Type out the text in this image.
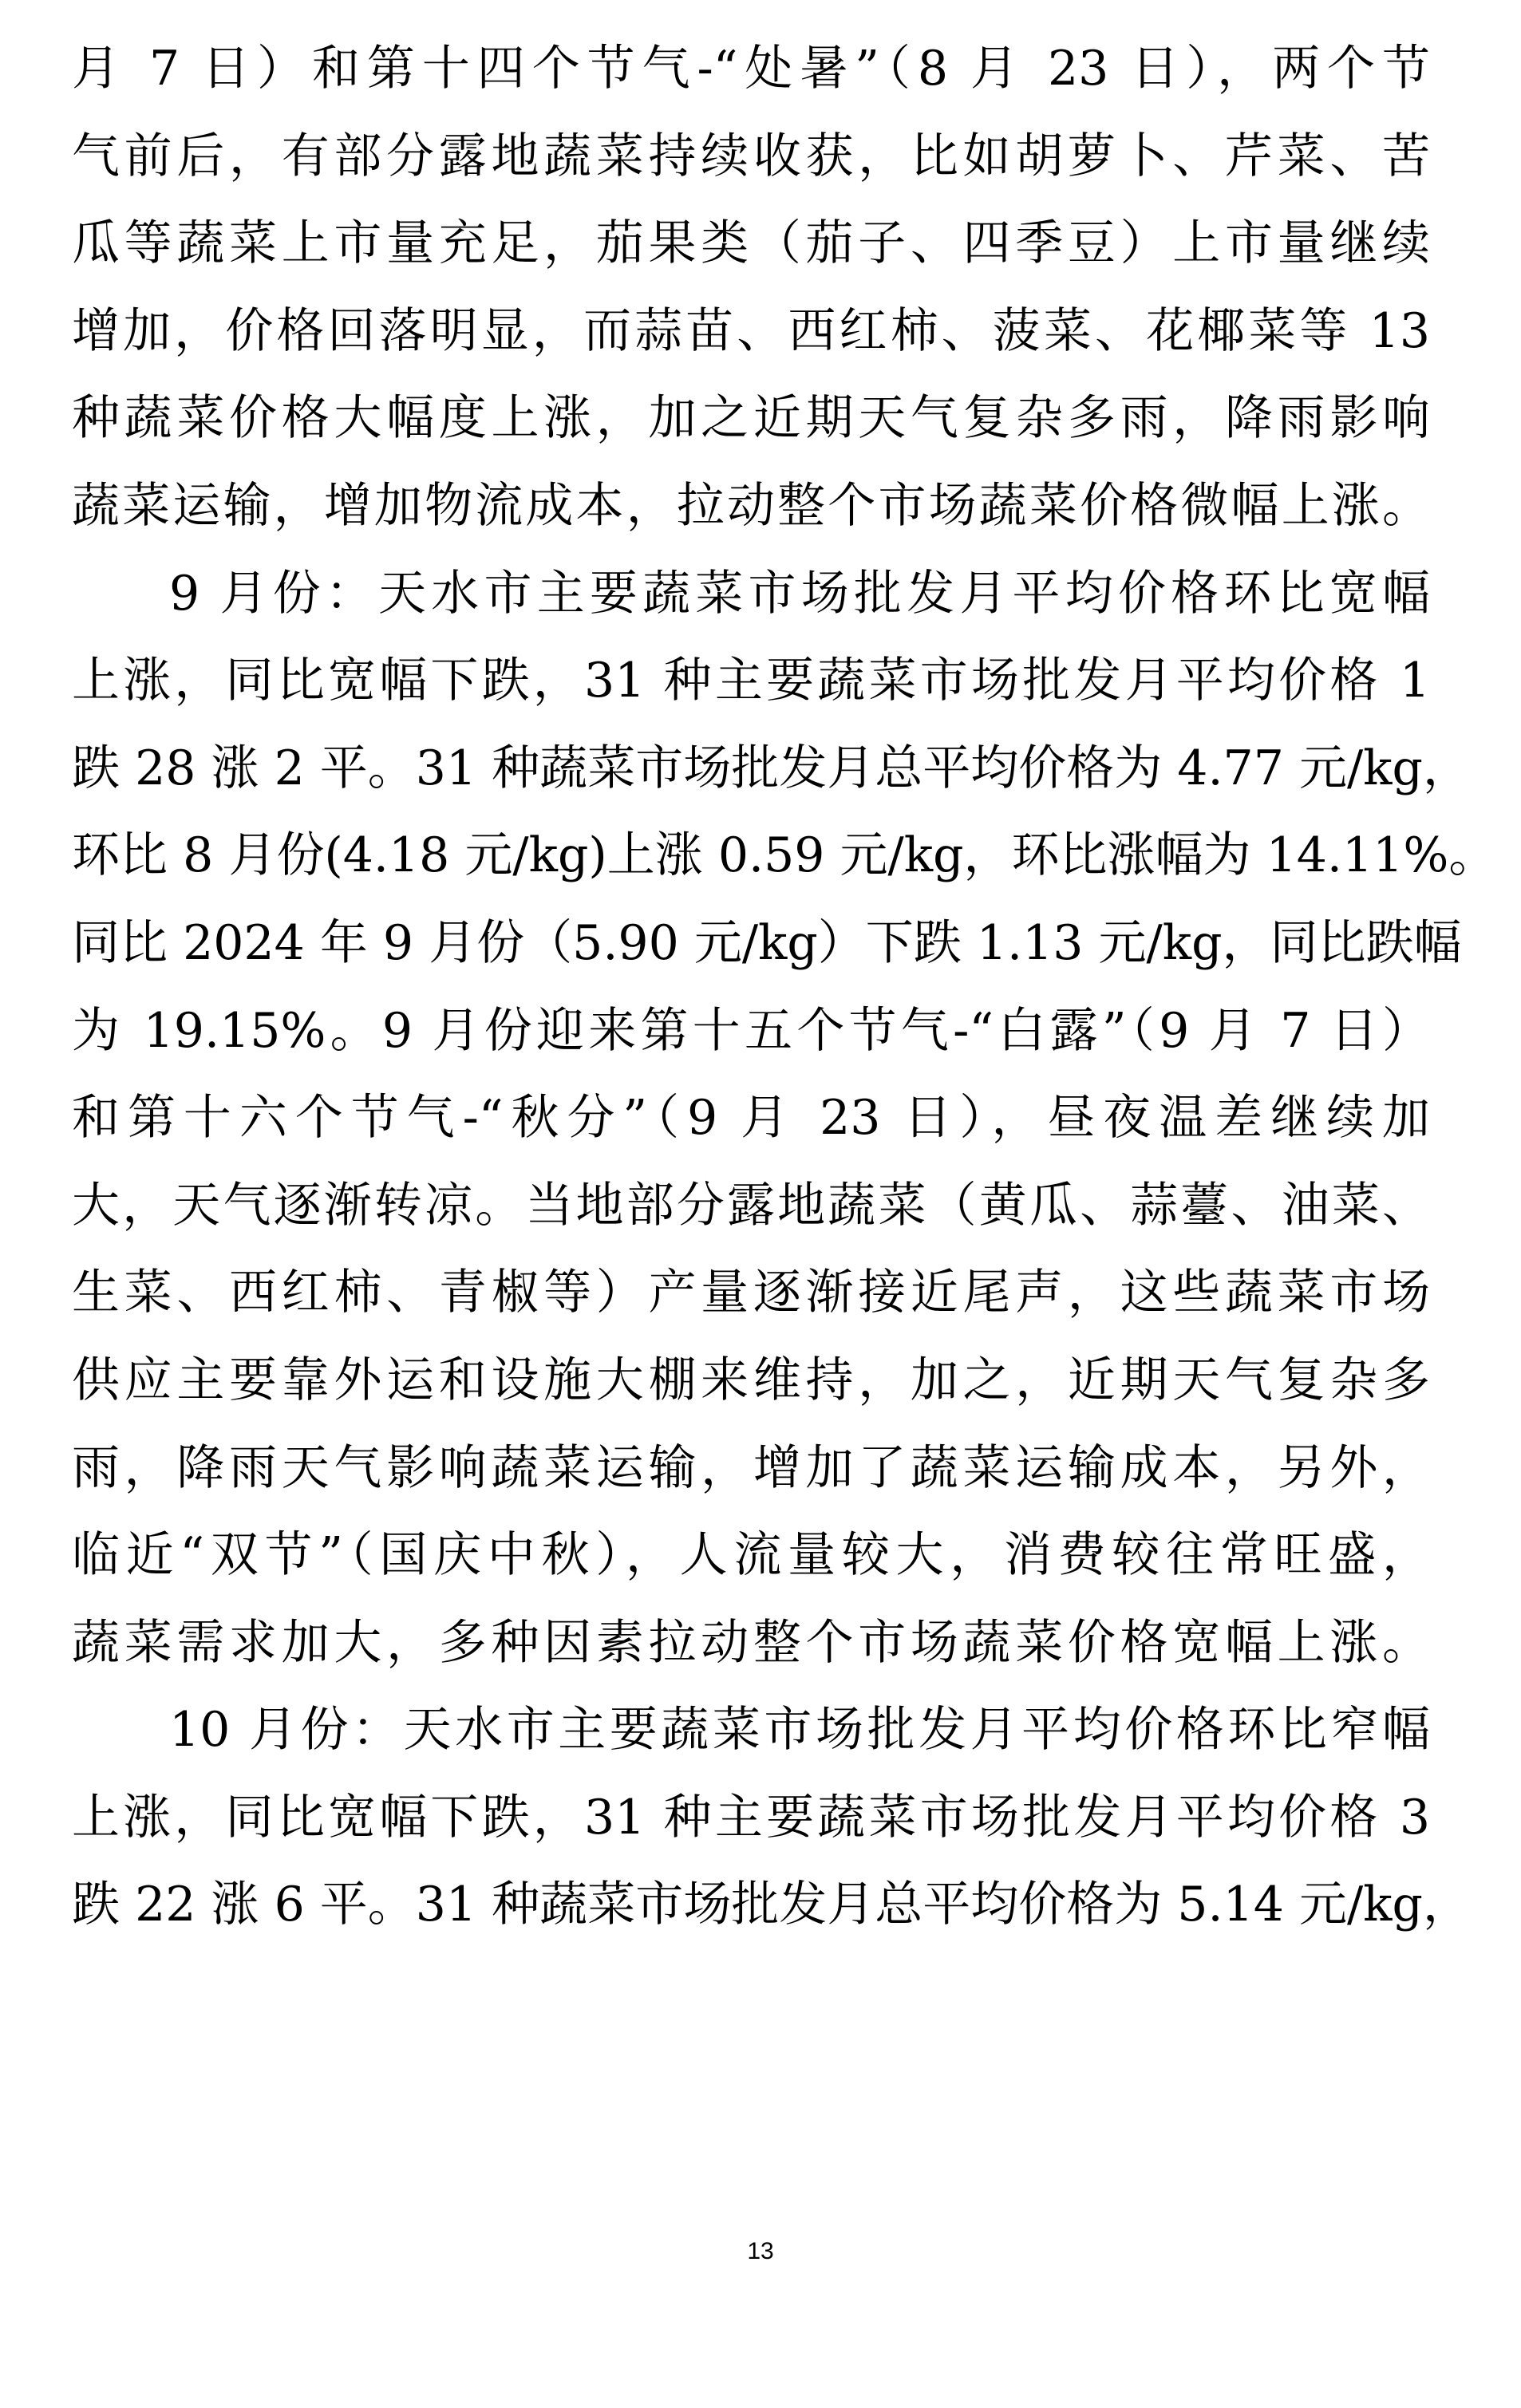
月 7 日）和第十四个节气-“处暑”（8 月 23 日），两个节
气前后，有部分露地蔬菜持续收获，比如胡萝卜、芹菜、苦
瓜等蔬菜上市量充足，茄果类（茄子、四季豆）上市量继续
增加，价格回落明显，而蒜苗、西红柿、菠菜、花椰菜等 13
种蔬菜价格大幅度上涨，加之近期天气复杂多雨，降雨影响
蔬菜运输，增加物流成本，拉动整个市场蔬菜价格微幅上涨。
9 月份：天水市主要蔬菜市场批发月平均价格环比宽幅
上涨，同比宽幅下跌，31 种主要蔬菜市场批发月平均价格 1
跌 28 涨 2 平。31 种蔬菜市场批发月总平均价格为 4.77 元/kg，
环比 8 月份(4.18 元/kg)上涨 0.59 元/kg，环比涨幅为 14.11%。
同比 2024 年 9 月份（5.90 元/kg）下跌 1.13 元/kg，同比跌幅
为 19.15%。9 月份迎来第十五个节气-“白露”（9 月 7 日）
和第十六个节气-“秋分”（9 月 23 日），昼夜温差继续加
大，天气逐渐转凉。当地部分露地蔬菜（黄瓜、蒜薹、油菜、
生菜、西红柿、青椒等）产量逐渐接近尾声，这些蔬菜市场
供应主要靠外运和设施大棚来维持，加之，近期天气复杂多
雨，降雨天气影响蔬菜运输，增加了蔬菜运输成本，另外，
临近“双节”（国庆中秋），人流量较大，消费较往常旺盛，
蔬菜需求加大，多种因素拉动整个市场蔬菜价格宽幅上涨。
10 月份：天水市主要蔬菜市场批发月平均价格环比窄幅
上涨，同比宽幅下跌，31 种主要蔬菜市场批发月平均价格 3
跌 22 涨 6 平。31 种蔬菜市场批发月总平均价格为 5.14 元/kg，
13
